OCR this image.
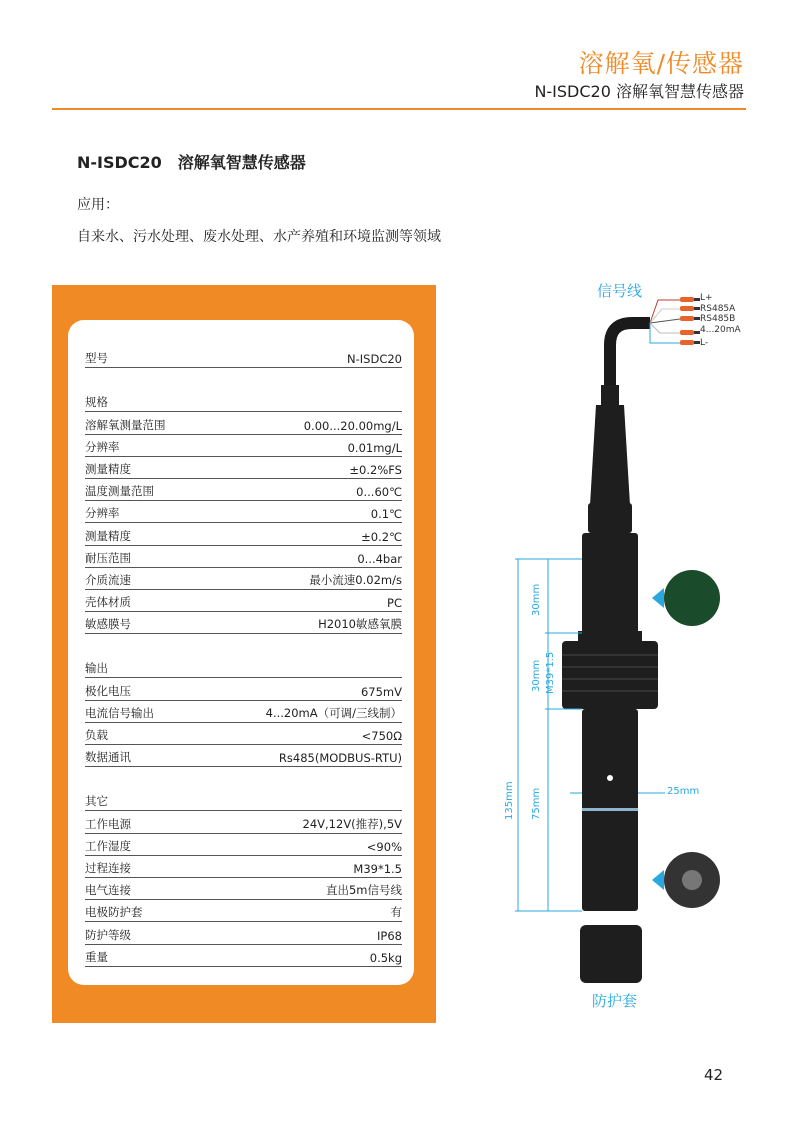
溶解氧/传感器
N-ISDC20 溶解氧智慧传感器
N-ISDC20　溶解氧智慧传感器
应用：
自来水、污水处理、废水处理、水产养殖和环境监测等领域
型号	N-ISDC20
规格
溶解氧测量范围	0.00...20.00mg/L
分辨率	0.01mg/L
测量精度	±0.2%FS
温度测量范围	0...60℃
分辨率	0.1℃
测量精度	±0.2℃
耐压范围	0...4bar
介质流速	最小流速0.02m/s
壳体材质	PC
敏感膜号	H2010敏感氧膜
输出
极化电压	675mV
电流信号输出	4...20mA（可调/三线制）
负载	<750Ω
数据通讯	Rs485(MODBUS-RTU)
其它
工作电源	24V,12V(推荐),5V
工作湿度	<90%
过程连接	M39*1.5
电气连接	直出5m信号线
电极防护套	有
防护等级	IP68
重量	0.5kg
信号线	L+
RS485A
RS485B
4...20mA
L-
30mm
30mm M39*1.5
135mm 75mm	25mm
防护套
42
